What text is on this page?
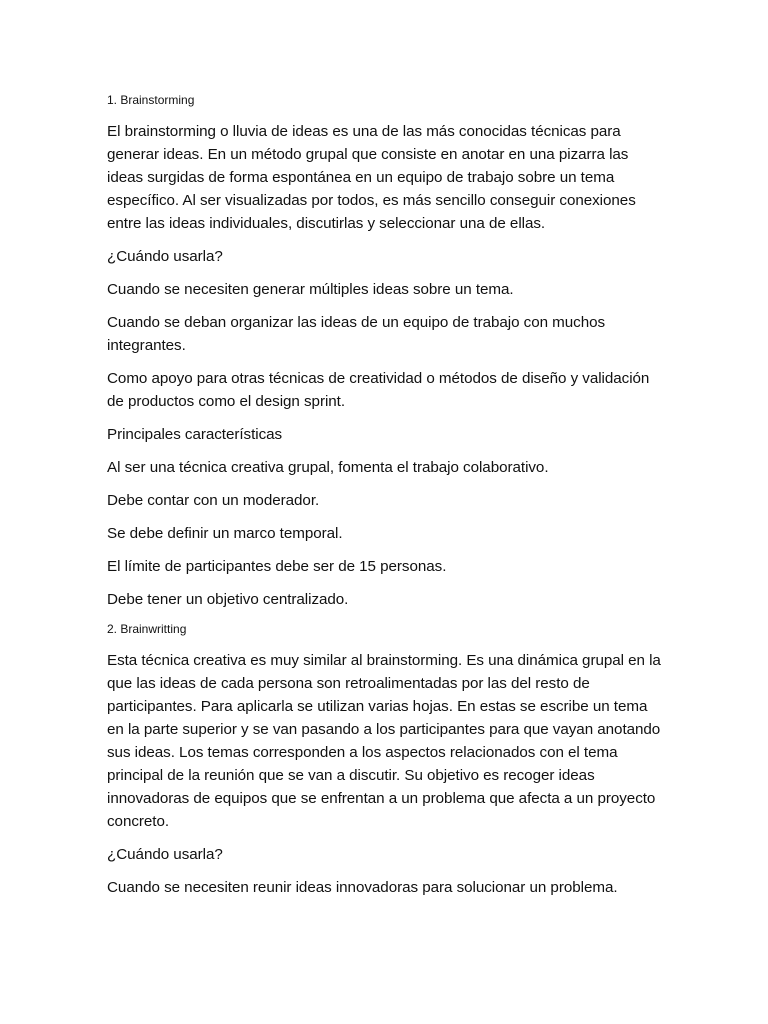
1. Brainstorming

El brainstorming o lluvia de ideas es una de las más conocidas técnicas para generar ideas. En un método grupal que consiste en anotar en una pizarra las ideas surgidas de forma espontánea en un equipo de trabajo sobre un tema específico. Al ser visualizadas por todos, es más sencillo conseguir conexiones entre las ideas individuales, discutirlas y seleccionar una de ellas.

¿Cuándo usarla?

Cuando se necesiten generar múltiples ideas sobre un tema.

Cuando se deban organizar las ideas de un equipo de trabajo con muchos integrantes.

Como apoyo para otras técnicas de creatividad o métodos de diseño y validación de productos como el design sprint.

Principales características

Al ser una técnica creativa grupal, fomenta el trabajo colaborativo.

Debe contar con un moderador.

Se debe definir un marco temporal.

El límite de participantes debe ser de 15 personas.

Debe tener un objetivo centralizado.

2. Brainwritting

Esta técnica creativa es muy similar al brainstorming. Es una dinámica grupal en la que las ideas de cada persona son retroalimentadas por las del resto de participantes. Para aplicarla se utilizan varias hojas. En estas se escribe un tema en la parte superior y se van pasando a los participantes para que vayan anotando sus ideas. Los temas corresponden a los aspectos relacionados con el tema principal de la reunión que se van a discutir. Su objetivo es recoger ideas innovadoras de equipos que se enfrentan a un problema que afecta a un proyecto concreto.

¿Cuándo usarla?

Cuando se necesiten reunir ideas innovadoras para solucionar un problema.
